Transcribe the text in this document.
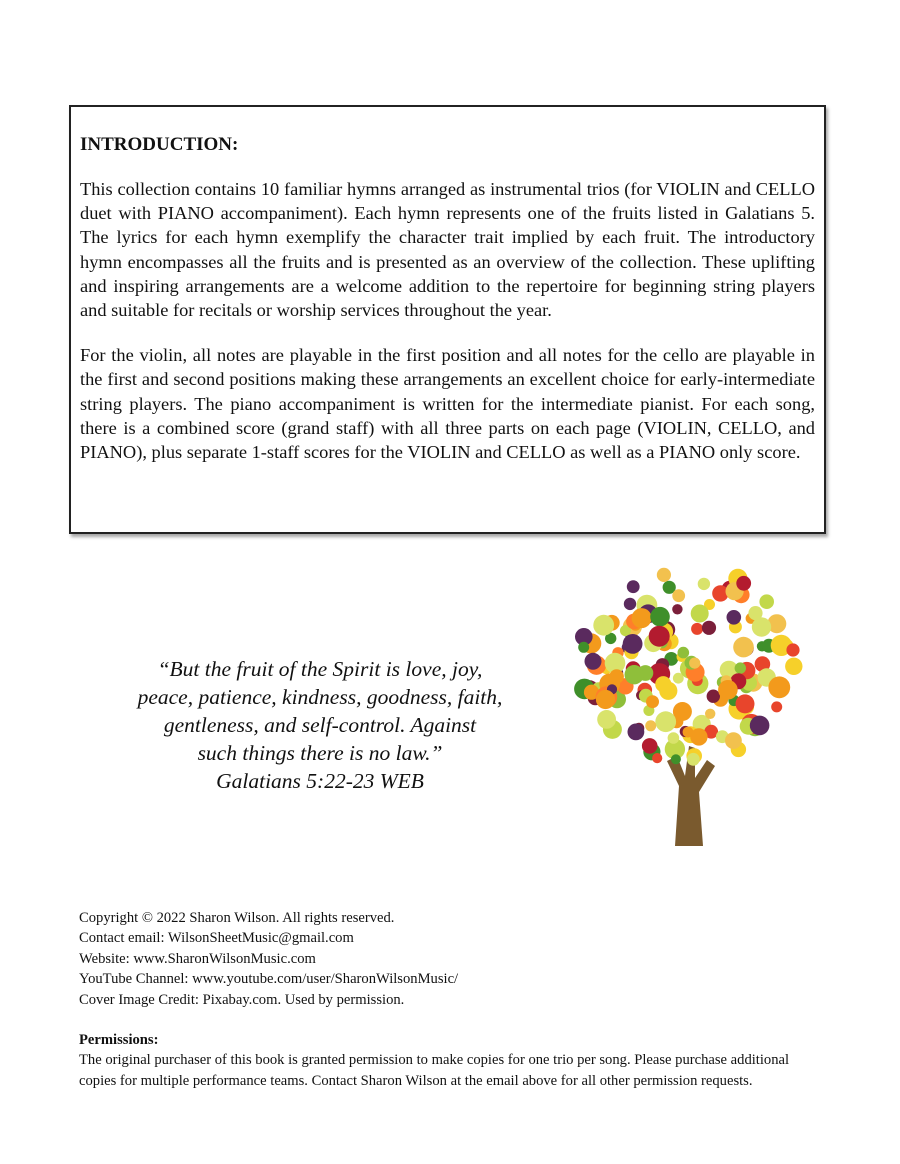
INTRODUCTION:

This collection contains 10 familiar hymns arranged as instrumental trios (for VIOLIN and CELLO duet with PIANO accompaniment). Each hymn represents one of the fruits listed in Galatians 5. The lyrics for each hymn exemplify the character trait implied by each fruit. The introductory hymn encompasses all the fruits and is presented as an overview of the collection. These uplifting and inspiring arrangements are a welcome addition to the repertoire for beginning string players and suitable for recitals or worship services throughout the year.

For the violin, all notes are playable in the first position and all notes for the cello are playable in the first and second positions making these arrangements an excellent choice for early-intermediate string players. The piano accompaniment is written for the intermediate pianist. For each song, there is a combined score (grand staff) with all three parts on each page (VIOLIN, CELLO, and PIANO), plus separate 1-staff scores for the VIOLIN and CELLO as well as a PIANO only score.

“But the fruit of the Spirit is love, joy,
peace, patience, kindness, goodness, faith,
gentleness, and self-control. Against
such things there is no law.”
Galatians 5:22-23 WEB
Copyright © 2022 Sharon Wilson. All rights reserved.
Contact email: WilsonSheetMusic@gmail.com
Website: www.SharonWilsonMusic.com
YouTube Channel: www.youtube.com/user/SharonWilsonMusic/
Cover Image Credit: Pixabay.com. Used by permission.
Permissions:
The original purchaser of this book is granted permission to make copies for one trio per song. Please purchase additional copies for multiple performance teams. Contact Sharon Wilson at the email above for all other permission requests.
